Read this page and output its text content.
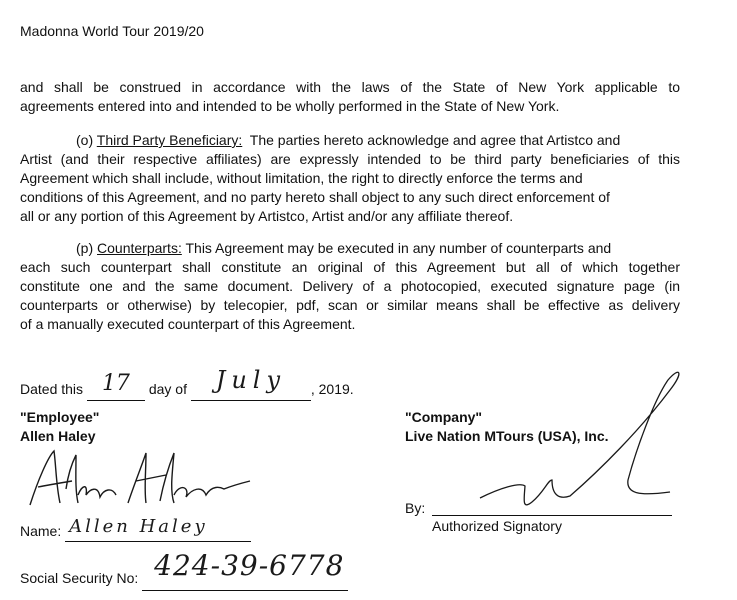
Madonna World Tour 2019/20
and shall be construed in accordance with the laws of the State of New York applicable to
agreements entered into and intended to be wholly performed in the State of New York.
(o) Third Party Beneficiary: The parties hereto acknowledge and agree that Artistco and
Artist (and their respective affiliates) are expressly intended to be third party beneficiaries of this
Agreement which shall include, without limitation, the right to directly enforce the terms and
conditions of this Agreement, and no party hereto shall object to any such direct enforcement of
all or any portion of this Agreement by Artistco, Artist and/or any affiliate thereof.
(p) Counterparts: This Agreement may be executed in any number of counterparts and
each such counterpart shall constitute an original of this Agreement but all of which together
constitute one and the same document. Delivery of a photocopied, executed signature page (in
counterparts or otherwise) by telecopier, pdf, scan or similar means shall be effective as delivery
of a manually executed counterpart of this Agreement.
Dated this 17 day of July , 2019.
"Employee"
Allen Haley
Name: Allen Haley
Social Security No: 424-39-6778
"Company"
Live Nation MTours (USA), Inc.
By:
Authorized Signatory
